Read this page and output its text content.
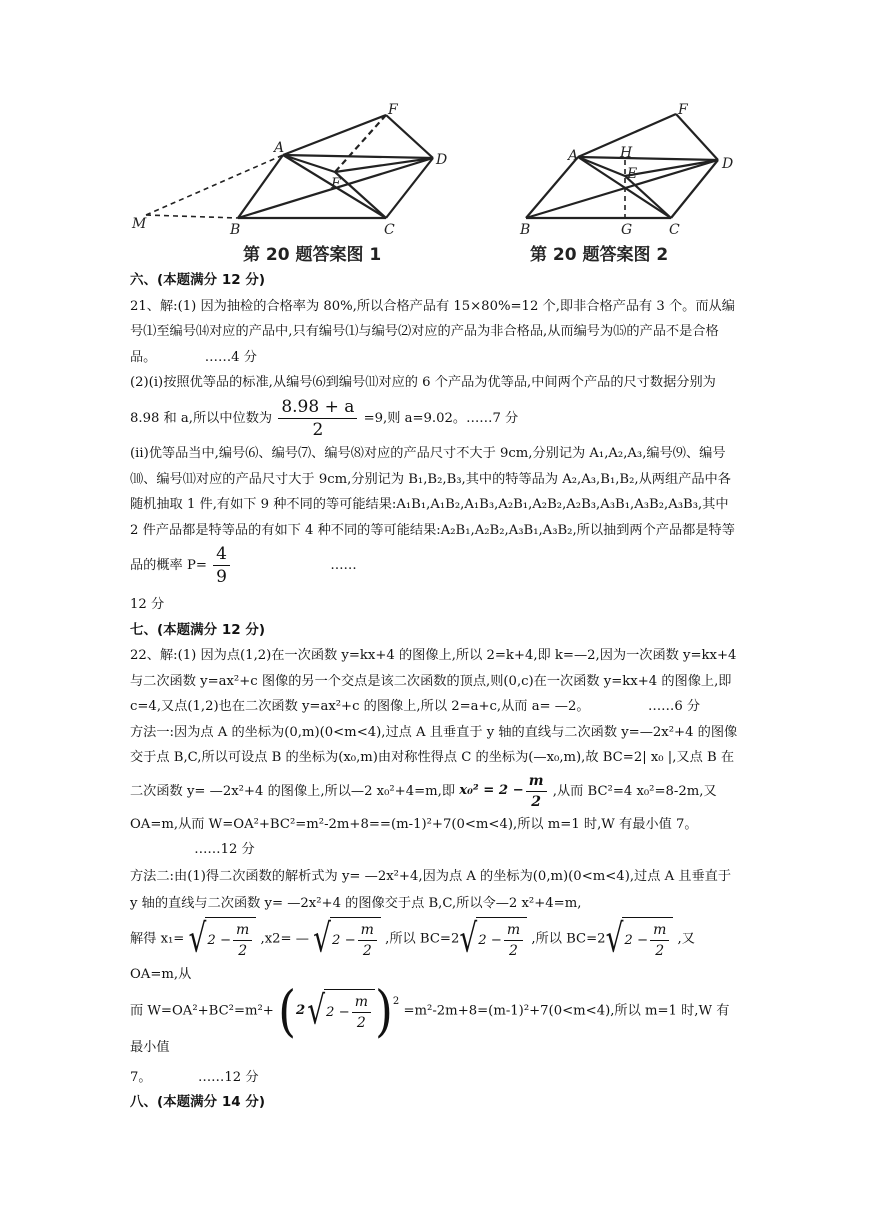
A
B	C
D
E
F
M
A
B	C
D
E
F
G
H
第 20 题答案图 1	第 20 题答案图 2

六、(本题满分 12 分)

21、解:(1) 因为抽检的合格率为 80%,所以合格产品有 15×80%=12 个,即非合格产品有 3 个。而从编号⑴至编号⒁对应的产品中,只有编号⑴与编号⑵对应的产品为非合格品,从而编号为⒂的产品不是合格品。	……4 分

(2)(ⅰ)按照优等品的标准,从编号⑹到编号⑾对应的 6 个产品为优等品,中间两个产品的尺寸数据分别为 8.98 和 a,所以中位数为 $\frac{8.98 + a}{2} =9$,则 a=9.02。……7 分

(ⅱ)优等品当中,编号⑹、编号⑺、编号⑻对应的产品尺寸不大于 9cm,分别记为 A₁,A₂,A₃,编号⑼、编号⑽、编号⑾对应的产品尺寸大于 9cm,分别记为 B₁,B₂,B₃,其中的特等品为 A₂,A₃,B₁,B₂,从两组产品中各随机抽取 1 件,有如下 9 种不同的等可能结果:A₁B₁,A₁B₂,A₁B₃,A₂B₁,A₂B₂,A₂B₃,A₃B₁,A₃B₂,A₃B₃,其中 2 件产品都是特等品的有如下 4 种不同的等可能结果:A₂B₁,A₂B₂,A₃B₁,A₃B₂,所以抽到两个产品都是特等品的概率 $P= \frac{4}{9}$	……

12 分

七、(本题满分 12 分)

22、解:(1) 因为点(1,2)在一次函数 y=kx+4 的图像上,所以 2=k+4,即 k=—2,因为一次函数 y=kx+4 与二次函数 y=ax²+c 图像的另一个交点是该二次函数的顶点,则(0,c)在一次函数 y=kx+4 的图像上,即 c=4,又点(1,2)也在二次函数 y=ax²+c 的图像上,所以 2=a+c,从而 a= —2。	……6 分

方法一:因为点 A 的坐标为(0,m)(0<m<4),过点 A 且垂直于 y 轴的直线与二次函数 y=—2x²+4 的图像交于点 B,C,所以可设点 B 的坐标为(x₀,m)由对称性得点 C 的坐标为(—x₀,m),故 BC=2| x₀ |,又点 B 在二次函数 y= —2x²+4 的图像上,所以—2 x₀²+4=m,即 $x_0^2 = 2 - \frac{m}{2}$ ,从而 BC²=4 x₀²=8-2m,又 OA=m,从而 W=OA²+BC²=m²-2m+8==(m-1)²+7(0<m<4),所以 m=1 时,W 有最小值 7。  ……12 分

方法二:由(1)得二次函数的解析式为 y= —2x²+4,因为点 A 的坐标为(0,m)(0<m<4),过点 A 且垂直于 y 轴的直线与二次函数 y= —2x²+4 的图像交于点 B,C,所以令—2 x²+4=m,
解得 x₁= √ $2 - \frac{m}{2} ,x2=$ — √ $2 - \frac{m}{2}$ ,所以 BC=2 √ $2 - \frac{m}{2}$ ,所以 BC=2 √ $2 - \frac{m}{2}$ ,又 OA=m,从
而 W=OA²+BC²=m²+ ( 2 √ $2 - \frac{m}{2}$ ) 2
=m²-2m+8=(m-1)²+7(0<m<4),所以 m=1 时,W 有最小值

7。	……12 分

八、(本题满分 14 分)
